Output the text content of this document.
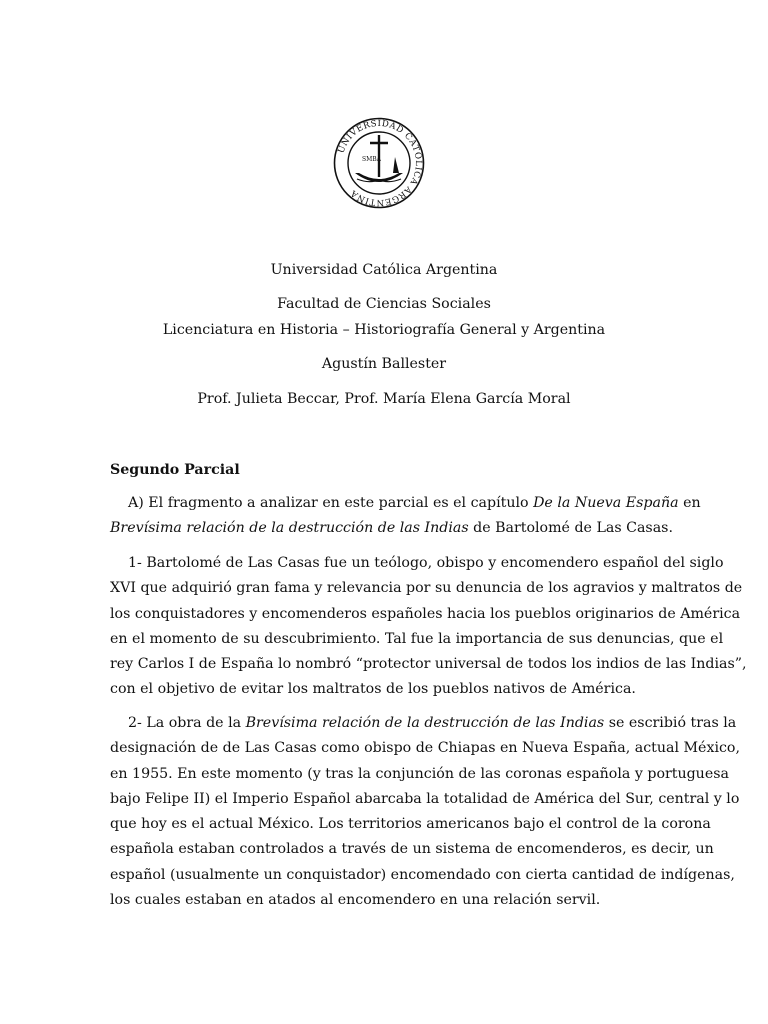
UNIVERSIDAD CATÓLICA ARGENTINA
SMBA
Universidad Católica Argentina
Facultad de Ciencias Sociales
Licenciatura en Historia – Historiografía General y Argentina
Agustín Ballester
Prof. Julieta Beccar, Prof. María Elena García Moral
Segundo Parcial
A) El fragmento a analizar en este parcial es el capítulo De la Nueva España en
Brevísima relación de la destrucción de las Indias de Bartolomé de Las Casas.
1- Bartolomé de Las Casas fue un teólogo, obispo y encomendero español del siglo
XVI que adquirió gran fama y relevancia por su denuncia de los agravios y maltratos de
los conquistadores y encomenderos españoles hacia los pueblos originarios de América
en el momento de su descubrimiento. Tal fue la importancia de sus denuncias, que el
rey Carlos I de España lo nombró “protector universal de todos los indios de las Indias”,
con el objetivo de evitar los maltratos de los pueblos nativos de América.
2- La obra de la Brevísima relación de la destrucción de las Indias se escribió tras la
designación de de Las Casas como obispo de Chiapas en Nueva España, actual México,
en 1955. En este momento (y tras la conjunción de las coronas española y portuguesa
bajo Felipe II) el Imperio Español abarcaba la totalidad de América del Sur, central y lo
que hoy es el actual México. Los territorios americanos bajo el control de la corona
española estaban controlados a través de un sistema de encomenderos, es decir, un
español (usualmente un conquistador) encomendado con cierta cantidad de indígenas,
los cuales estaban en atados al encomendero en una relación servil.
